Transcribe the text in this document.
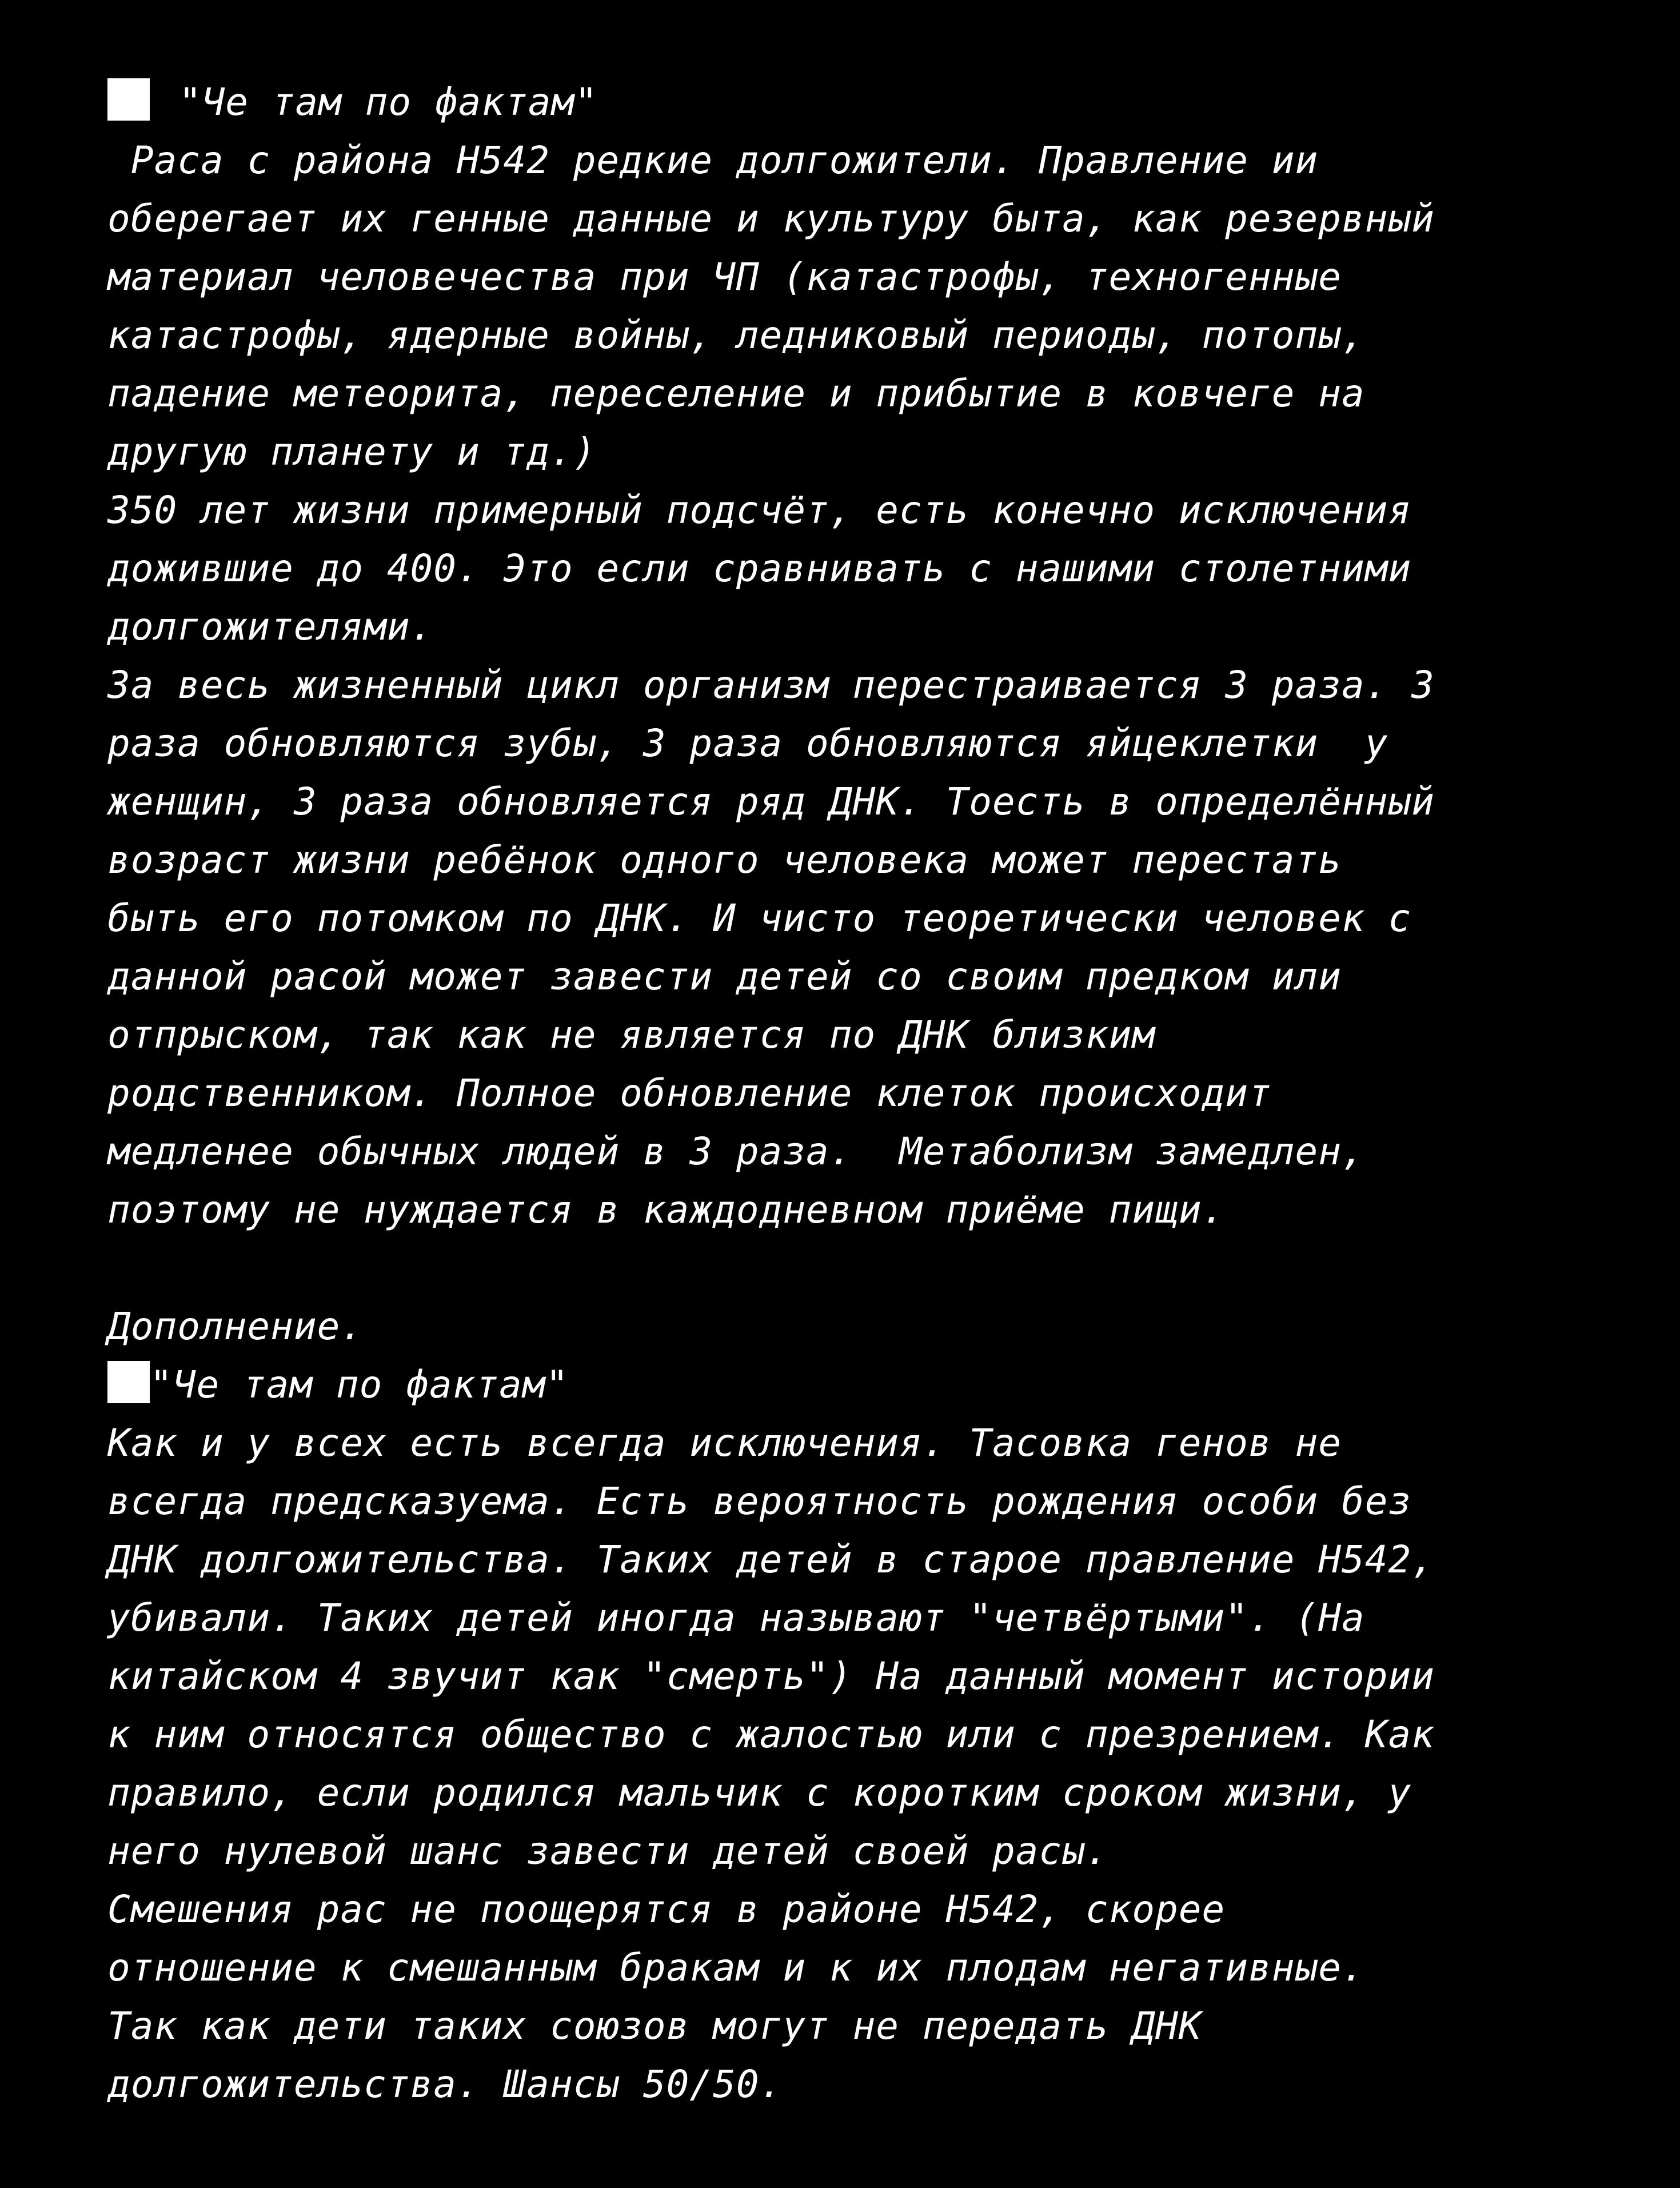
"Че там по фактам"
Раса с района Н542 редкие долгожители. Правление ии
оберегает их генные данные и культуру быта, как резервный
материал человечества при ЧП (катастрофы, техногенные
катастрофы, ядерные войны, ледниковый периоды, потопы,
падение метеорита, переселение и прибытие в ковчеге на
другую планету и тд.)
350 лет жизни примерный подсчёт, есть конечно исключения
дожившие до 400. Это если сравнивать с нашими столетними
долгожителями.
За весь жизненный цикл организм перестраивается 3 раза. 3
раза обновляются зубы, 3 раза обновляются яйцеклетки  у
женщин, 3 раза обновляется ряд ДНК. Тоесть в определённый
возраст жизни ребёнок одного человека может перестать
быть его потомком по ДНК. И чисто теоретически человек с
данной расой может завести детей со своим предком или
отпрыском, так как не является по ДНК близким
родственником. Полное обновление клеток происходит
медленее обычных людей в 3 раза.  Метаболизм замедлен,
поэтому не нуждается в каждодневном приёме пищи.
Дополнение.
"Че там по фактам"
Как и у всех есть всегда исключения. Тасовка генов не
всегда предсказуема. Есть вероятность рождения особи без
ДНК долгожительства. Таких детей в старое правление Н542,
убивали. Таких детей иногда называют "четвёртыми". (На
китайском 4 звучит как "смерть") На данный момент истории
к ним относятся общество с жалостью или с презрением. Как
правило, если родился мальчик с коротким сроком жизни, у
него нулевой шанс завести детей своей расы.
Смешения рас не поощерятся в районе Н542, скорее
отношение к смешанным бракам и к их плодам негативные.
Так как дети таких союзов могут не передать ДНК
долгожительства. Шансы 50/50.
